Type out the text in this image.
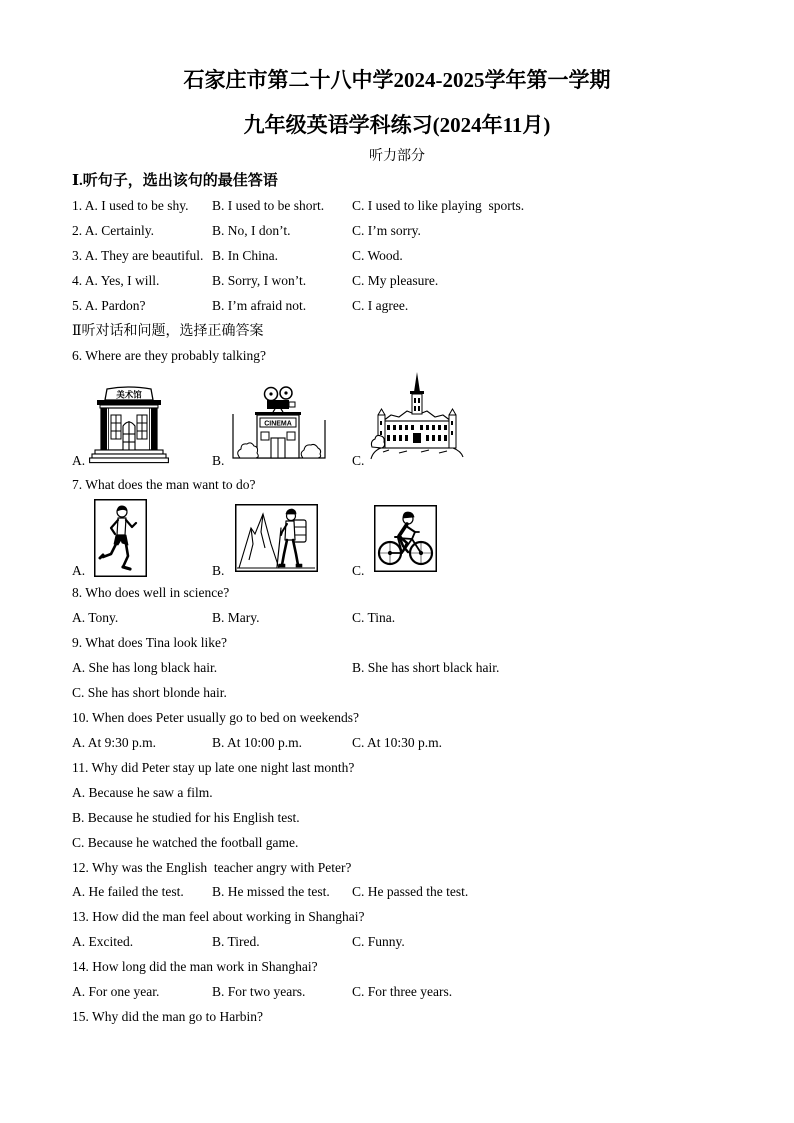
石家庄市第二十八中学2024-2025学年第一学期
九年级英语学科练习(2024年11月)
听力部分
Ⅰ.听句子，选出该句的最佳答语
1. A. I used to be shy. B. I used to be short. C. I used to like playing  sports.
2. A. Certainly.	B. No, I don’t.	C. I’m sorry.
3. A. They are beautiful. B. In China.	C. Wood.
4. A. Yes, I will.	B. Sorry, I won’t.	C. My pleasure.
5. A. Pardon?	B. I’m afraid not.	C. I agree.
Ⅱ听对话和问题，选择正确答案
6. Where are they probably talking?
美术馆
CINEMA
A.	B.	C.
7. What does the man want to do?
A.	B.	C.
8. Who does well in science?
A. Tony.	B. Mary.	C. Tina.
9. What does Tina look like?
A. She has long black hair.	B. She has short black hair.
C. She has short blonde hair.
10. When does Peter usually go to bed on weekends?
A. At 9:30 p.m.	B. At 10:00 p.m.	C. At 10:30 p.m.
11. Why did Peter stay up late one night last month?
A. Because he saw a film.
B. Because he studied for his English test.
C. Because he watched the football game.
12. Why was the English  teacher angry with Peter?
A. He failed the test. B. He missed the test. C. He passed the test.
13. How did the man feel about working in Shanghai?
A. Excited.	B. Tired.	C. Funny.
14. How long did the man work in Shanghai?
A. For one year.	B. For two years.	C. For three years.
15. Why did the man go to Harbin?
